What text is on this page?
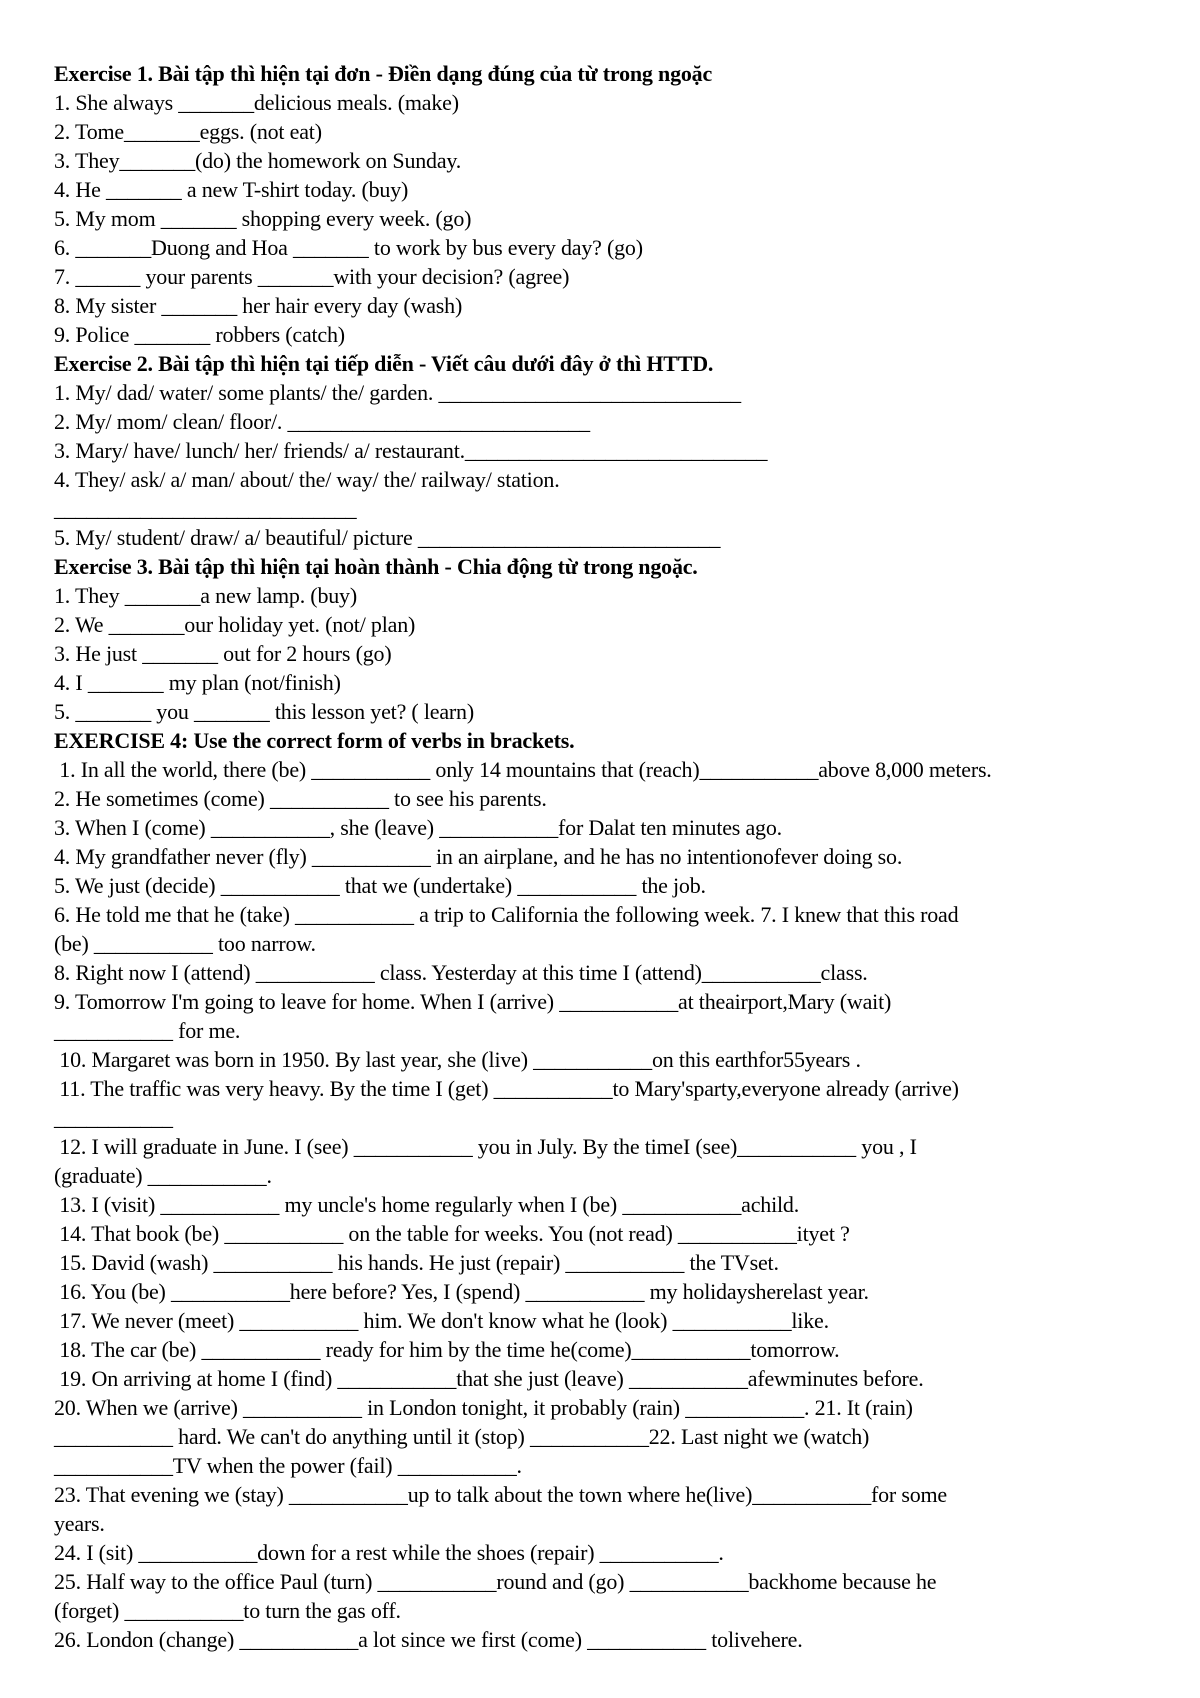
Exercise 1. Bài tập thì hiện tại đơn - Điền dạng đúng của từ trong ngoặc
1. She always _______delicious meals. (make)
2. Tome_______eggs. (not eat)
3. They_______(do) the homework on Sunday.
4. He _______ a new T-shirt today. (buy)
5. My mom _______ shopping every week. (go)
6. _______Duong and Hoa _______ to work by bus every day? (go)
7. ______ your parents _______with your decision? (agree)
8. My sister _______ her hair every day (wash)
9. Police _______ robbers (catch)
Exercise 2. Bài tập thì hiện tại tiếp diễn - Viết câu dưới đây ở thì HTTD.
1. My/ dad/ water/ some plants/ the/ garden. ____________________________
2. My/ mom/ clean/ floor/. ____________________________
3. Mary/ have/ lunch/ her/ friends/ a/ restaurant.____________________________
4. They/ ask/ a/ man/ about/ the/ way/ the/ railway/ station.
____________________________
5. My/ student/ draw/ a/ beautiful/ picture ____________________________
Exercise 3. Bài tập thì hiện tại hoàn thành - Chia động từ trong ngoặc.
1. They _______a new lamp. (buy)
2. We _______our holiday yet. (not/ plan)
3. He just _______ out for 2 hours (go)
4. I _______ my plan (not/finish)
5. _______ you _______ this lesson yet? ( learn)
EXERCISE 4: Use the correct form of verbs in brackets.
1. In all the world, there (be) ___________ only 14 mountains that (reach)___________above 8,000 meters.
2. He sometimes (come) ___________ to see his parents.
3. When I (come) ___________, she (leave) ___________for Dalat ten minutes ago.
4. My grandfather never (fly) ___________ in an airplane, and he has no intentionofever doing so.
5. We just (decide) ___________ that we (undertake) ___________ the job.
6. He told me that he (take) ___________ a trip to California the following week. 7. I knew that this road
(be) ___________ too narrow.
8. Right now I (attend) ___________ class. Yesterday at this time I (attend)___________class.
9. Tomorrow I'm going to leave for home. When I (arrive) ___________at theairport,Mary (wait)
___________ for me.
10. Margaret was born in 1950. By last year, she (live) ___________on this earthfor55years .
11. The traffic was very heavy. By the time I (get) ___________to Mary'sparty,everyone already (arrive)
___________
12. I will graduate in June. I (see) ___________ you in July. By the timeI (see)___________ you , I
(graduate) ___________.
13. I (visit) ___________ my uncle's home regularly when I (be) ___________achild.
14. That book (be) ___________ on the table for weeks. You (not read) ___________ityet ?
15. David (wash) ___________ his hands. He just (repair) ___________ the TVset.
16. You (be) ___________here before? Yes, I (spend) ___________ my holidaysherelast year.
17. We never (meet) ___________ him. We don't know what he (look) ___________like.
18. The car (be) ___________ ready for him by the time he(come)___________tomorrow.
19. On arriving at home I (find) ___________that she just (leave) ___________afewminutes before.
20. When we (arrive) ___________ in London tonight, it probably (rain) ___________. 21. It (rain)
___________ hard. We can't do anything until it (stop) ___________22. Last night we (watch)
___________TV when the power (fail) ___________.
23. That evening we (stay) ___________up to talk about the town where he(live)___________for some
years.
24. I (sit) ___________down for a rest while the shoes (repair) ___________.
25. Half way to the office Paul (turn) ___________round and (go) ___________backhome because he
(forget) ___________to turn the gas off.
26. London (change) ___________a lot since we first (come) ___________ tolivehere.
